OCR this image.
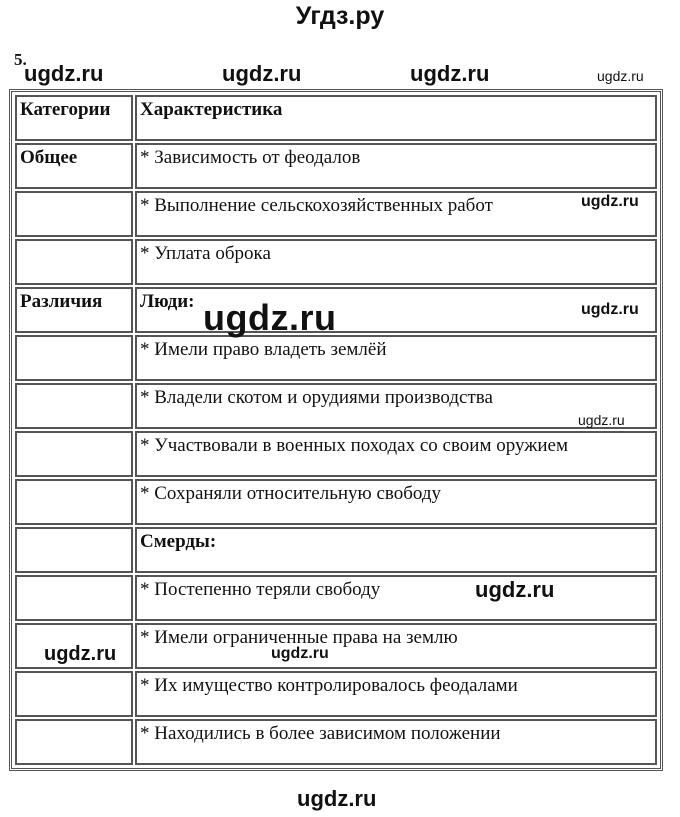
Угдз.ру
5.
ugdz.ru	ugdz.ru	ugdz.ru	ugdz.ru
ugdz.ru
ugdz.ru	ugdz.ru
ugdz.ru
ugdz.ru
ugdz.ru	ugdz.ru
ugdz.ru
Категории	Характеристика
Общее	* Зависимость от феодалов
	* Выполнение сельскохозяйственных работ
	* Уплата оброка
Различия	Люди:
	* Имели право владеть землёй
	* Владели скотом и орудиями производства
	* Участвовали в военных походах со своим оружием
	* Сохраняли относительную свободу
	Смерды:
	* Постепенно теряли свободу
	* Имели ограниченные права на землю
	* Их имущество контролировалось феодалами
	* Находились в более зависимом положении
